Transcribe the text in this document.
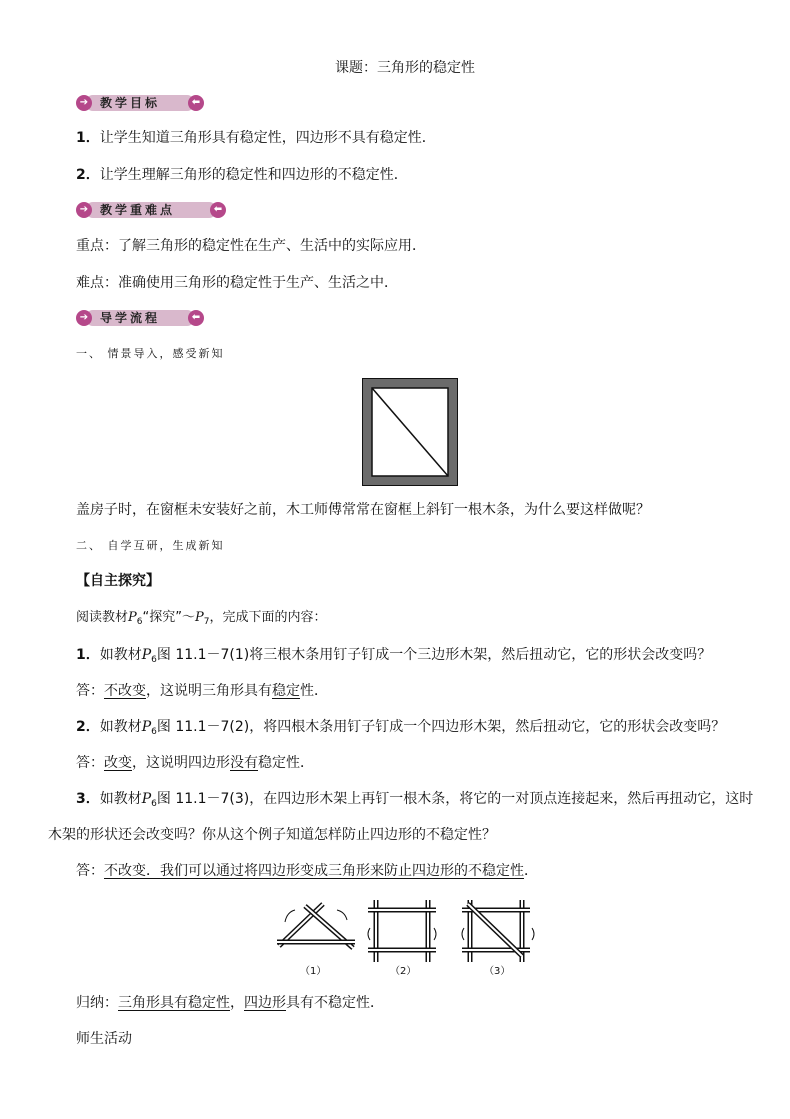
课题：三角形的稳定性
➔ 教学目标	⬅
1．让学生知道三角形具有稳定性，四边形不具有稳定性．
2．让学生理解三角形的稳定性和四边形的不稳定性．
➔ 教学重难点	⬅
重点：了解三角形的稳定性在生产、生活中的实际应用．
难点：准确使用三角形的稳定性于生产、生活之中．
➔ 导学流程	⬅
一、 情景导入，感受新知
盖房子时，在窗框未安装好之前，木工师傅常常在窗框上斜钉一根木条，为什么要这样做呢？
二、 自学互研，生成新知
【自主探究】
阅读教材$P_6“$探究$”\sim P_7$，完成下面的内容：
1．如教材$P_6$图 11.1－7(1)将三根木条用钉子钉成一个三边形木架，然后扭动它，它的形状会改变吗？
答：不改变，这说明三角形具有稳定性．
2．如教材$P_6$图 11.1－7(2)，将四根木条用钉子钉成一个四边形木架，然后扭动它，它的形状会改变吗？
答：改变，这说明四边形没有稳定性．
3．如教材$P_6$图 11.1－7(3)，在四边形木架上再钉一根木条，将它的一对顶点连接起来，然后再扭动它，这时
木架的形状还会改变吗？你从这个例子知道怎样防止四边形的不稳定性？
答：不改变．我们可以通过将四边形变成三角形来防止四边形的不稳定性．
（1）	（2）	（3）
归纳：三角形具有稳定性，四边形具有不稳定性．
师生活动
